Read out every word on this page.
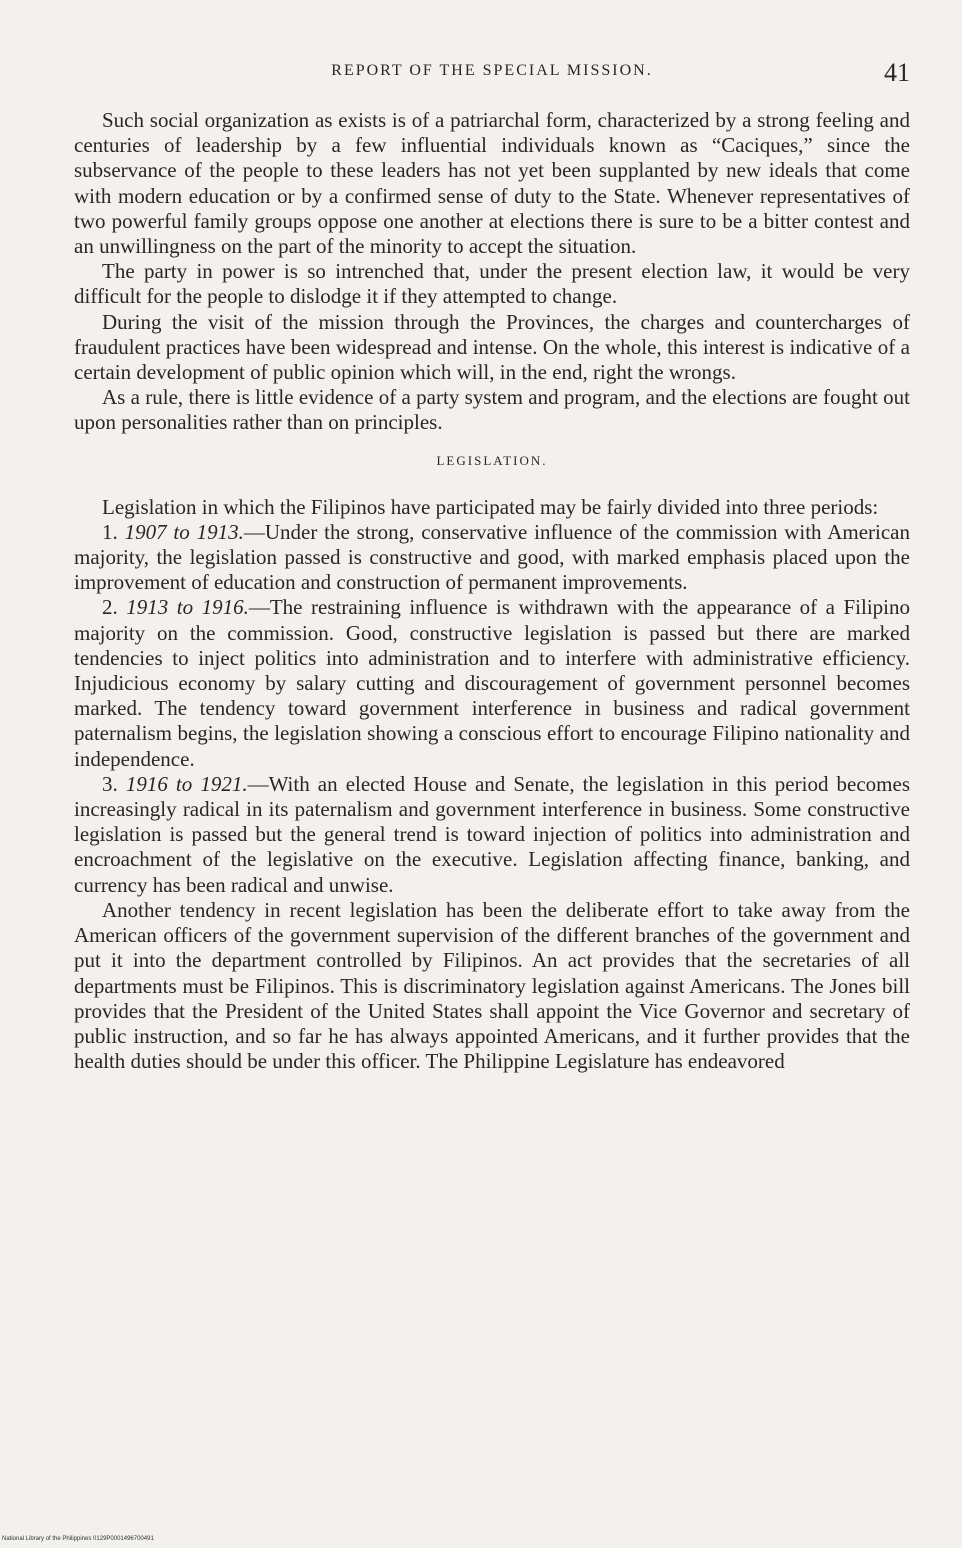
REPORT OF THE SPECIAL MISSION.	41

Such social organization as exists is of a patriarchal form, characterized by a strong feeling and centuries of leadership by a few influential individuals known as “Caciques,” since the subservance of the people to these leaders has not yet been supplanted by new ideals that come with modern education or by a confirmed sense of duty to the State. Whenever representatives of two powerful family groups oppose one another at elections there is sure to be a bitter contest and an unwillingness on the part of the minority to accept the situation.

The party in power is so intrenched that, under the present election law, it would be very difficult for the people to dislodge it if they attempted to change.

During the visit of the mission through the Provinces, the charges and countercharges of fraudulent practices have been widespread and intense. On the whole, this interest is indicative of a certain development of public opinion which will, in the end, right the wrongs.

As a rule, there is little evidence of a party system and program, and the elections are fought out upon personalities rather than on principles.

LEGISLATION.

Legislation in which the Filipinos have participated may be fairly divided into three periods:

1. 1907 to 1913.—Under the strong, conservative influence of the commission with American majority, the legislation passed is constructive and good, with marked emphasis placed upon the improvement of education and construction of permanent improvements.

2. 1913 to 1916.—The restraining influence is withdrawn with the appearance of a Filipino majority on the commission. Good, constructive legislation is passed but there are marked tendencies to inject politics into administration and to interfere with administrative efficiency. Injudicious economy by salary cutting and discouragement of government personnel becomes marked. The tendency toward government interference in business and radical government paternalism begins, the legislation showing a conscious effort to encourage Filipino nationality and independence.

3. 1916 to 1921.—With an elected House and Senate, the legislation in this period becomes increasingly radical in its paternalism and government interference in business. Some constructive legislation is passed but the general trend is toward injection of politics into administration and encroachment of the legislative on the executive. Legislation affecting finance, banking, and currency has been radical and unwise.

Another tendency in recent legislation has been the deliberate effort to take away from the American officers of the government supervision of the different branches of the government and put it into the department controlled by Filipinos. An act provides that the secretaries of all departments must be Filipinos. This is discriminatory legislation against Americans. The Jones bill provides that the President of the United States shall appoint the Vice Governor and secretary of public instruction, and so far he has always appointed Americans, and it further provides that the health duties should be under this officer. The Philippine Legislature has endeavored

National Library of the Philippines 0129P0001496700491
